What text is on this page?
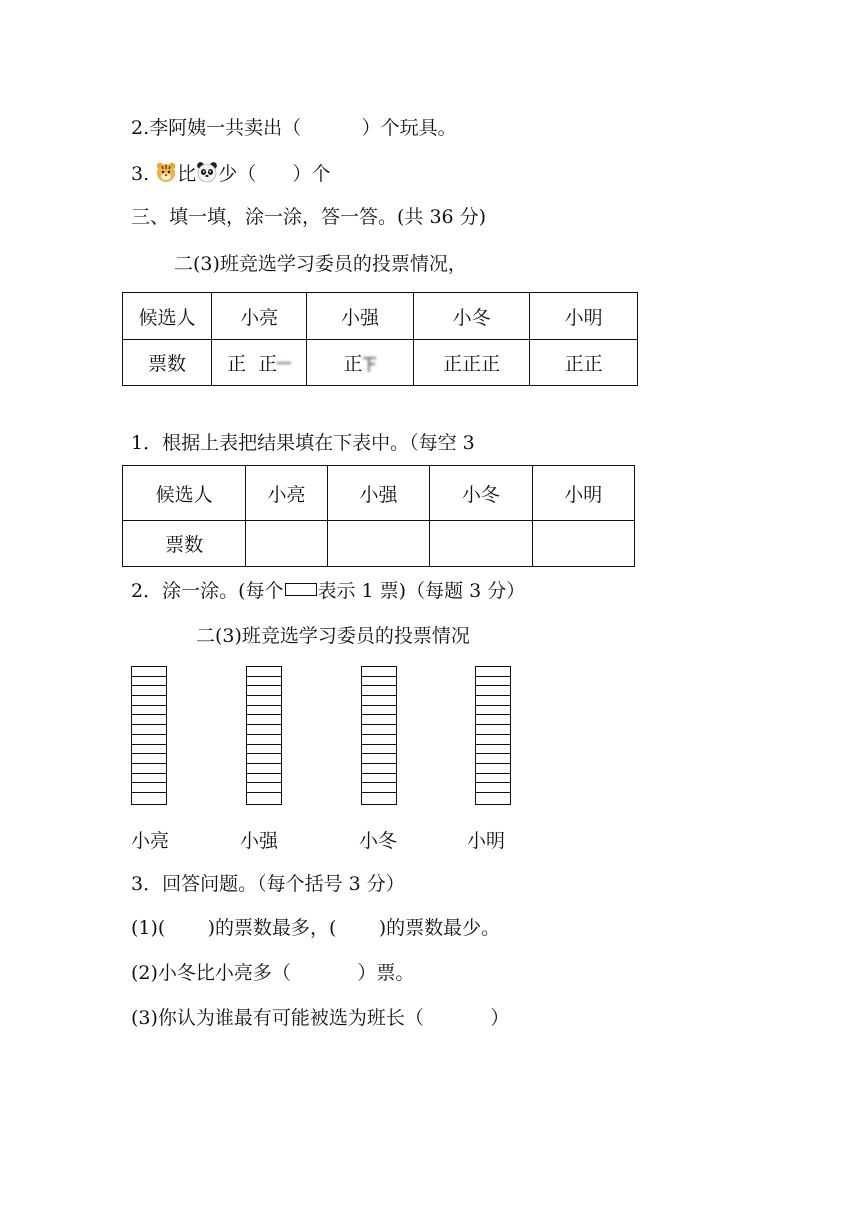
2.李阿姨一共卖出（	）个玩具。
3. 比 少（      ）个
三、填一填，涂一涂，答一答。(共 36 分)
二(3)班竞选学习委员的投票情况，
候选人	小亮	小强	小冬	小明
票数	正  正	正	正正正	正正
1．根据上表把结果填在下表中。（每空 3
候选人	小亮	小强	小冬	小明
票数				
2．涂一涂。(每个 表示 1 票)（每题 3 分）
二(3)班竞选学习委员的投票情况
小亮	小强	小冬	小明
3．回答问题。（每个括号 3 分）
(1)(       )的票数最多，(       )的票数最少。
(2)小冬比小亮多（           ）票。
(3)你认为谁最有可能被选为班长（           ）
